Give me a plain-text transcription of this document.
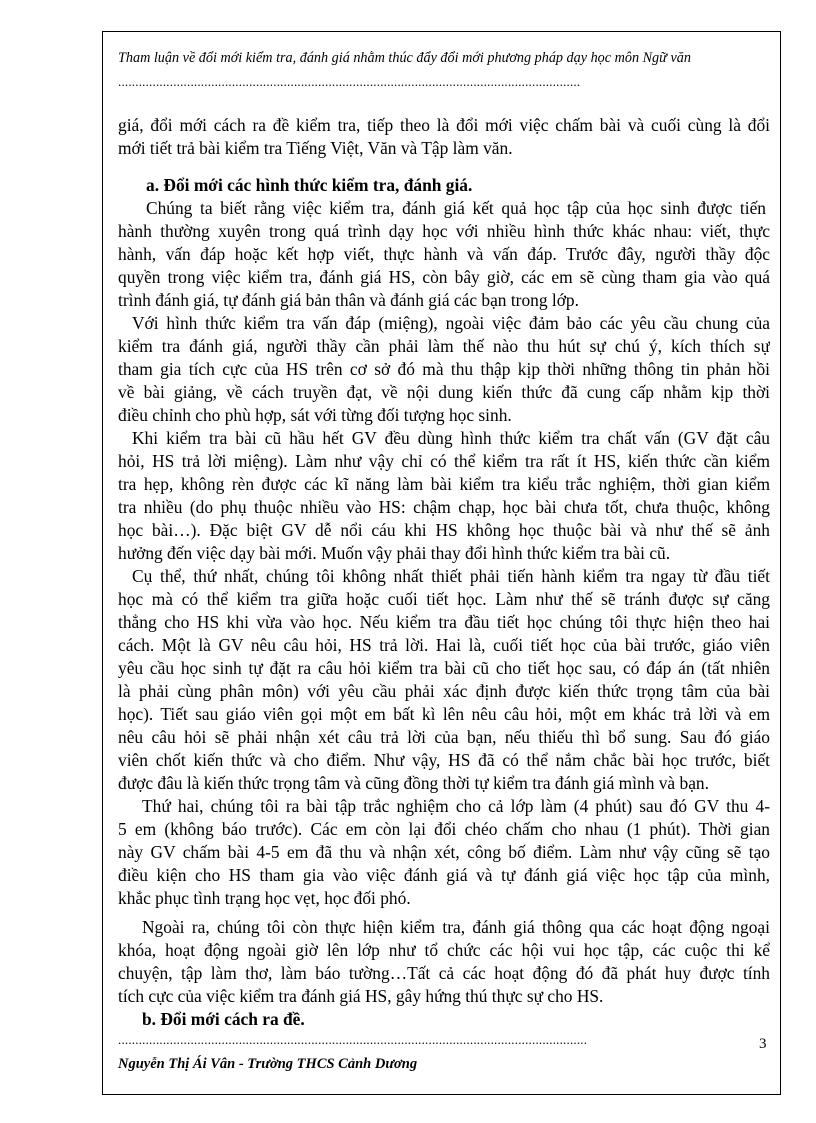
Tham luận về đổi mới kiểm tra, đánh giá nhằm thúc đẩy đổi mới phương pháp dạy học môn Ngữ văn
......................................................................................................................................
giá, đổi mới cách ra đề kiểm tra, tiếp theo là đổi mới việc chấm bài và cuối cùng là đổi
mới tiết trả bài kiểm tra Tiếng Việt, Văn và Tập làm văn.
a. Đổi mới các hình thức kiểm tra, đánh giá.
Chúng ta biết rằng việc kiểm tra, đánh giá kết quả học tập của học sinh được tiến
hành thường xuyên trong quá trình dạy học với nhiều hình thức khác nhau: viết, thực
hành, vấn đáp hoặc kết hợp viết, thực hành và vấn đáp. Trước đây, người thầy độc
quyền trong việc kiểm tra, đánh giá HS, còn bây giờ, các em sẽ cùng tham gia vào quá
trình đánh giá, tự đánh giá bản thân và đánh giá các bạn trong lớp.
Với hình thức kiểm tra vấn đáp (miệng), ngoài việc đảm bảo các yêu cầu chung của
kiểm tra đánh giá, người thầy cần phải làm thế nào thu hút sự chú ý, kích thích sự
tham gia tích cực của HS trên cơ sở đó mà thu thập kịp thời những thông tin phản hồi
về bài giảng, về cách truyền đạt, về nội dung kiến thức đã cung cấp nhằm kịp thời
điều chỉnh cho phù hợp, sát với từng đối tượng học sinh.
Khi kiểm tra bài cũ hầu hết GV đều dùng hình thức kiểm tra chất vấn (GV đặt câu
hỏi, HS trả lời miệng). Làm như vậy chỉ có thể kiểm tra rất ít HS, kiến thức cần kiểm
tra hẹp, không rèn được các kĩ năng làm bài kiểm tra kiểu trắc nghiệm, thời gian kiểm
tra nhiều (do phụ thuộc nhiều vào HS: chậm chạp, học bài chưa tốt, chưa thuộc, không
học bài…). Đặc biệt GV dễ nổi cáu khi HS không học thuộc bài và như thế sẽ ảnh
hưởng đến việc dạy bài mới. Muốn vậy phải thay đổi hình thức kiểm tra bài cũ.
Cụ thể, thứ nhất, chúng tôi không nhất thiết phải tiến hành kiểm tra ngay từ đầu tiết
học mà có thể kiểm tra giữa hoặc cuối tiết học. Làm như thế sẽ tránh được sự căng
thẳng cho HS khi vừa vào học. Nếu kiểm tra đầu tiết học chúng tôi thực hiện theo hai
cách. Một là GV nêu câu hỏi, HS trả lời. Hai là, cuối tiết học của bài trước, giáo viên
yêu cầu học sinh tự đặt ra câu hỏi kiểm tra bài cũ cho tiết học sau, có đáp án (tất nhiên
là phải cùng phân môn) với yêu cầu phải xác định được kiến thức trọng tâm của bài
học). Tiết sau giáo viên gọi một em bất kì lên nêu câu hỏi, một em khác trả lời và em
nêu câu hỏi sẽ phải nhận xét câu trả lời của bạn, nếu thiếu thì bổ sung. Sau đó giáo
viên chốt kiến thức và cho điểm. Như vậy, HS đã có thể nắm chắc bài học trước, biết
được đâu là kiến thức trọng tâm và cũng đồng thời tự kiểm tra đánh giá mình và bạn.
Thứ hai, chúng tôi ra bài tập trắc nghiệm cho cả lớp làm (4 phút) sau đó GV thu 4-
5 em (không báo trước). Các em còn lại đổi chéo chấm cho nhau (1 phút). Thời gian
này GV chấm bài 4-5 em đã thu và nhận xét, công bố điểm. Làm như vậy cũng sẽ tạo
điều kiện cho HS tham gia vào việc đánh giá và tự đánh giá việc học tập của mình,
khắc phục tình trạng học vẹt, học đối phó.
Ngoài ra, chúng tôi còn thực hiện kiểm tra, đánh giá thông qua các hoạt động ngoại
khóa, hoạt động ngoài giờ lên lớp như tổ chức các hội vui học tập, các cuộc thi kể
chuyện, tập làm thơ, làm báo tường…Tất cả các hoạt động đó đã phát huy được tính
tích cực của việc kiểm tra đánh giá HS, gây hứng thú thực sự cho HS.
b. Đổi mới cách ra đề.
........................................................................................................................................	3
Nguyễn Thị Ái Vân - Trường THCS Cảnh Dương
